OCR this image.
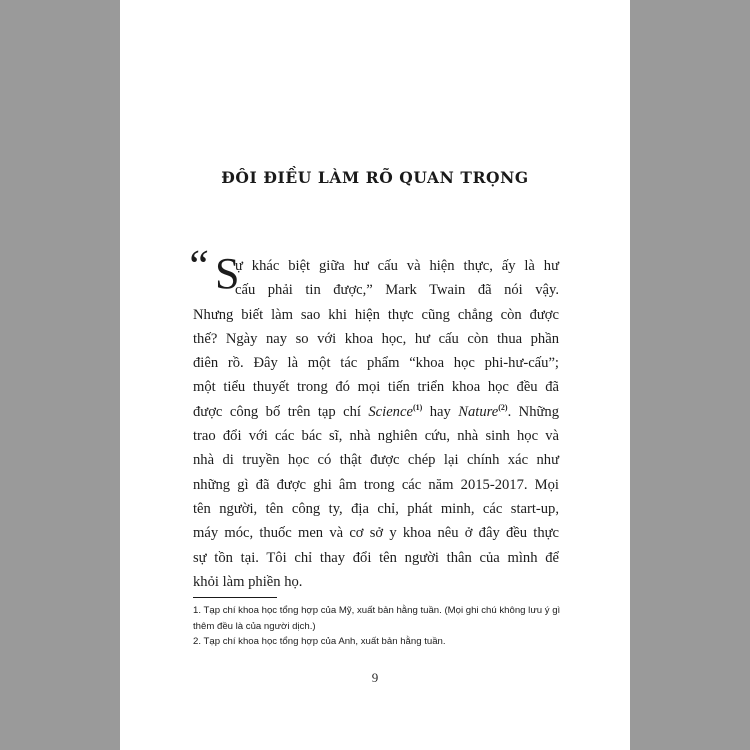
ĐÔI ĐIỀU LÀM RÕ QUAN TRỌNG
“ S
ự khác biệt giữa hư cấu và hiện thực, ấy là hư
cấu phải tin được,” Mark Twain đã nói vậy.
Nhưng biết làm sao khi hiện thực cũng chẳng còn được
thế? Ngày nay so với khoa học, hư cấu còn thua phần
điên rồ. Đây là một tác phẩm “khoa học phi-hư-cấu”;
một tiểu thuyết trong đó mọi tiến triển khoa học đều đã
được công bố trên tạp chí Science$^{(1)}$ hay Nature$^{(2)}$. Những
trao đổi với các bác sĩ, nhà nghiên cứu, nhà sinh học và
nhà di truyền học có thật được chép lại chính xác như
những gì đã được ghi âm trong các năm 2015-2017. Mọi
tên người, tên công ty, địa chỉ, phát minh, các start-up,
máy móc, thuốc men và cơ sở y khoa nêu ở đây đều thực
sự tồn tại. Tôi chỉ thay đổi tên người thân của mình để
khỏi làm phiền họ.

1. Tạp chí khoa học tổng hợp của Mỹ, xuất bản hằng tuần. (Mọi ghi chú không lưu ý gì thêm đều là của người dịch.)

2. Tạp chí khoa học tổng hợp của Anh, xuất bản hằng tuần.

9
